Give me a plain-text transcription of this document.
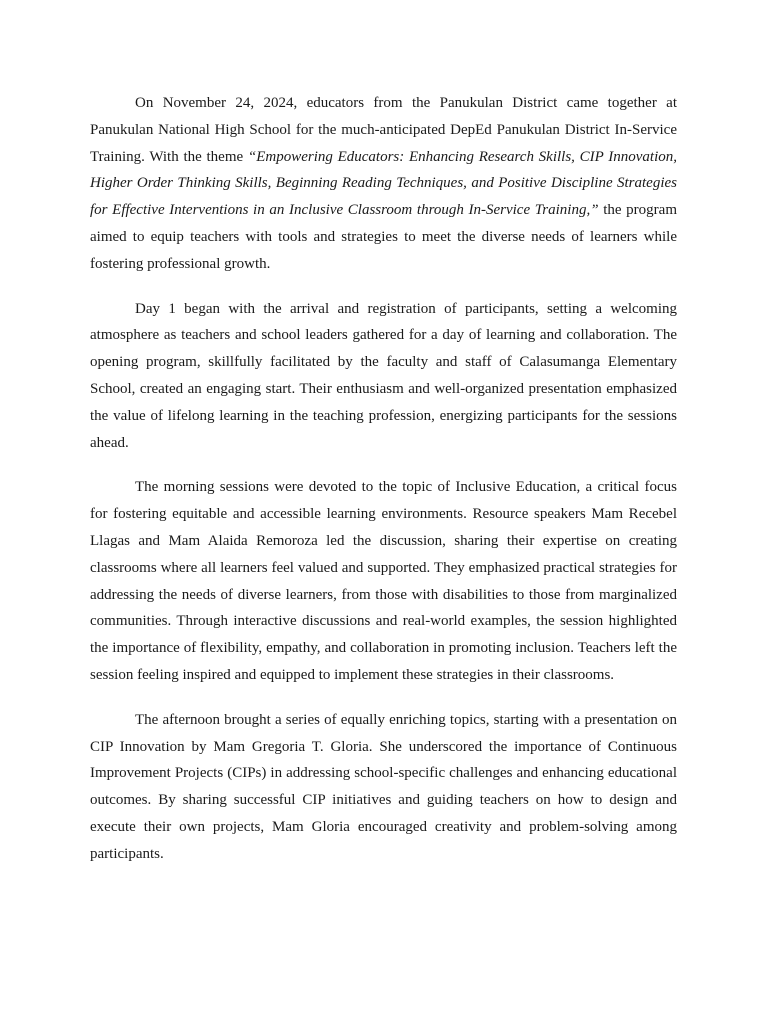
On November 24, 2024, educators from the Panukulan District came together at Panukulan National High School for the much-anticipated DepEd Panukulan District In-Service Training. With the theme “Empowering Educators: Enhancing Research Skills, CIP Innovation, Higher Order Thinking Skills, Beginning Reading Techniques, and Positive Discipline Strategies for Effective Interventions in an Inclusive Classroom through In-Service Training,” the program aimed to equip teachers with tools and strategies to meet the diverse needs of learners while fostering professional growth.

Day 1 began with the arrival and registration of participants, setting a welcoming atmosphere as teachers and school leaders gathered for a day of learning and collaboration. The opening program, skillfully facilitated by the faculty and staff of Calasumanga Elementary School, created an engaging start. Their enthusiasm and well-organized presentation emphasized the value of lifelong learning in the teaching profession, energizing participants for the sessions ahead.

The morning sessions were devoted to the topic of Inclusive Education, a critical focus for fostering equitable and accessible learning environments. Resource speakers Mam Recebel Llagas and Mam Alaida Remoroza led the discussion, sharing their expertise on creating classrooms where all learners feel valued and supported. They emphasized practical strategies for addressing the needs of diverse learners, from those with disabilities to those from marginalized communities. Through interactive discussions and real-world examples, the session highlighted the importance of flexibility, empathy, and collaboration in promoting inclusion. Teachers left the session feeling inspired and equipped to implement these strategies in their classrooms.

The afternoon brought a series of equally enriching topics, starting with a presentation on CIP Innovation by Mam Gregoria T. Gloria. She underscored the importance of Continuous Improvement Projects (CIPs) in addressing school-specific challenges and enhancing educational outcomes. By sharing successful CIP initiatives and guiding teachers on how to design and execute their own projects, Mam Gloria encouraged creativity and problem-solving among participants.
